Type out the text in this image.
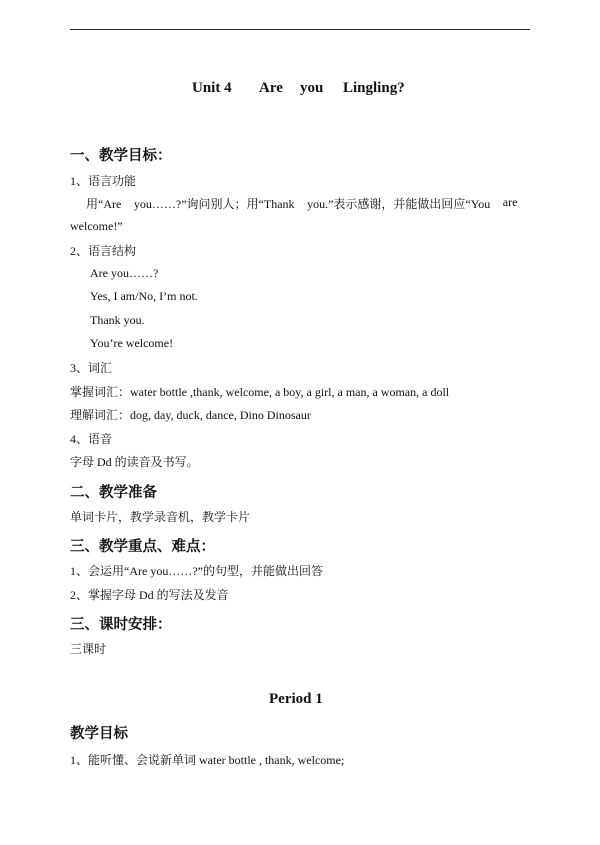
Unit 4 Are you Lingling?
一、教学目标：
1、语言功能
用“Are you……?”询问别人；用“Thank you.”表示感谢，并能做出回应“You are
welcome!”
2、语言结构
Are you……?
Yes, I am/No, I’m not.
Thank you.
You’re welcome!
3、词汇
掌握词汇：water bottle ,thank, welcome, a boy, a girl, a man, a woman, a doll
理解词汇：dog, day, duck, dance, Dino Dinosaur
4、语音
字母 Dd 的读音及书写。
二、教学准备
单词卡片，教学录音机，教学卡片
三、教学重点、难点：
1、会运用“Are you……?”的句型，并能做出回答
2、掌握字母 Dd 的写法及发音
三、课时安排：
三课时
Period 1
教学目标
1、能听懂、会说新单词 water bottle , thank, welcome;
